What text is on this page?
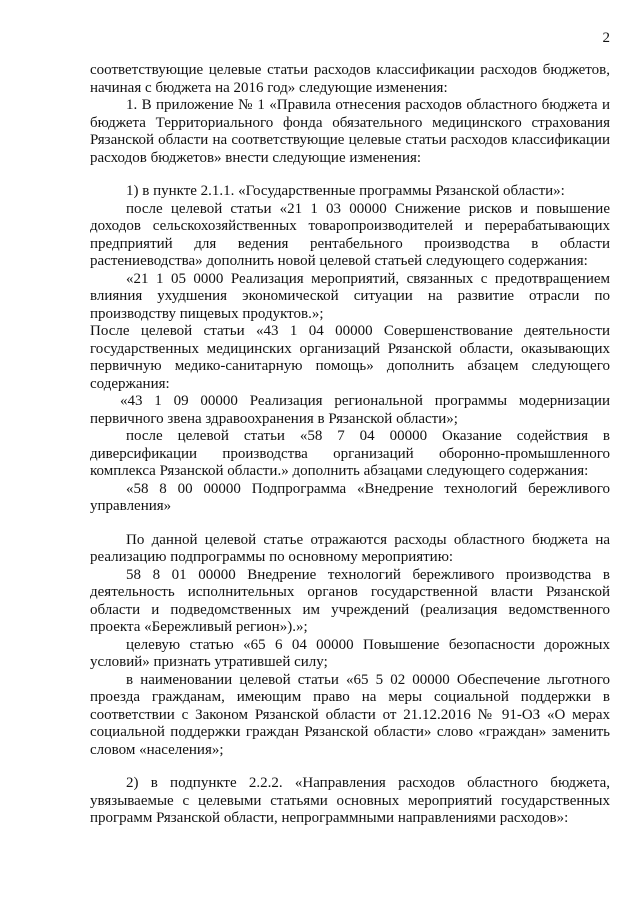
2

соответствующие целевые статьи расходов классификации расходов бюджетов, начиная с бюджета на 2016 год» следующие изменения:

1. В приложение № 1 «Правила отнесения расходов областного бюджета и бюджета Территориального фонда обязательного медицинского страхования Рязанской области на соответствующие целевые статьи расходов классификации расходов бюджетов» внести следующие изменения:

1) в пункте 2.1.1. «Государственные программы Рязанской области»:

после целевой статьи «21 1 03 00000 Снижение рисков и повышение доходов сельскохозяйственных товаропроизводителей и перерабатывающих предприятий для ведения рентабельного производства в области растениеводства» дополнить новой целевой статьей следующего содержания:

«21 1 05 0000 Реализация мероприятий, связанных с предотвращением влияния ухудшения экономической ситуации на развитие отрасли по производству пищевых продуктов.»;

После целевой статьи «43 1 04 00000 Совершенствование деятельности государственных медицинских организаций Рязанской области, оказывающих первичную медико-санитарную помощь» дополнить абзацем следующего содержания:

«43 1 09 00000 Реализация региональной программы модернизации первичного звена здравоохранения в Рязанской области»;

после целевой статьи «58 7 04 00000 Оказание содействия в диверсификации производства организаций оборонно-промышленного комплекса Рязанской области.» дополнить абзацами следующего содержания:

«58 8 00 00000 Подпрограмма «Внедрение технологий бережливого управления»

По данной целевой статье отражаются расходы областного бюджета на реализацию подпрограммы по основному мероприятию:

58 8 01 00000 Внедрение технологий бережливого производства в деятельность исполнительных органов государственной власти Рязанской области и подведомственных им учреждений (реализация ведомственного проекта «Бережливый регион»).»;

целевую статью «65 6 04 00000 Повышение безопасности дорожных условий» признать утратившей силу;

в наименовании целевой статьи «65 5 02 00000 Обеспечение льготного проезда гражданам, имеющим право на меры социальной поддержки в соответствии с Законом Рязанской области от 21.12.2016 № 91-ОЗ «О мерах социальной поддержки граждан Рязанской области» слово «граждан» заменить словом «населения»;

2) в подпункте 2.2.2. «Направления расходов областного бюджета, увязываемые с целевыми статьями основных мероприятий государственных программ Рязанской области, непрограммными направлениями расходов»:
